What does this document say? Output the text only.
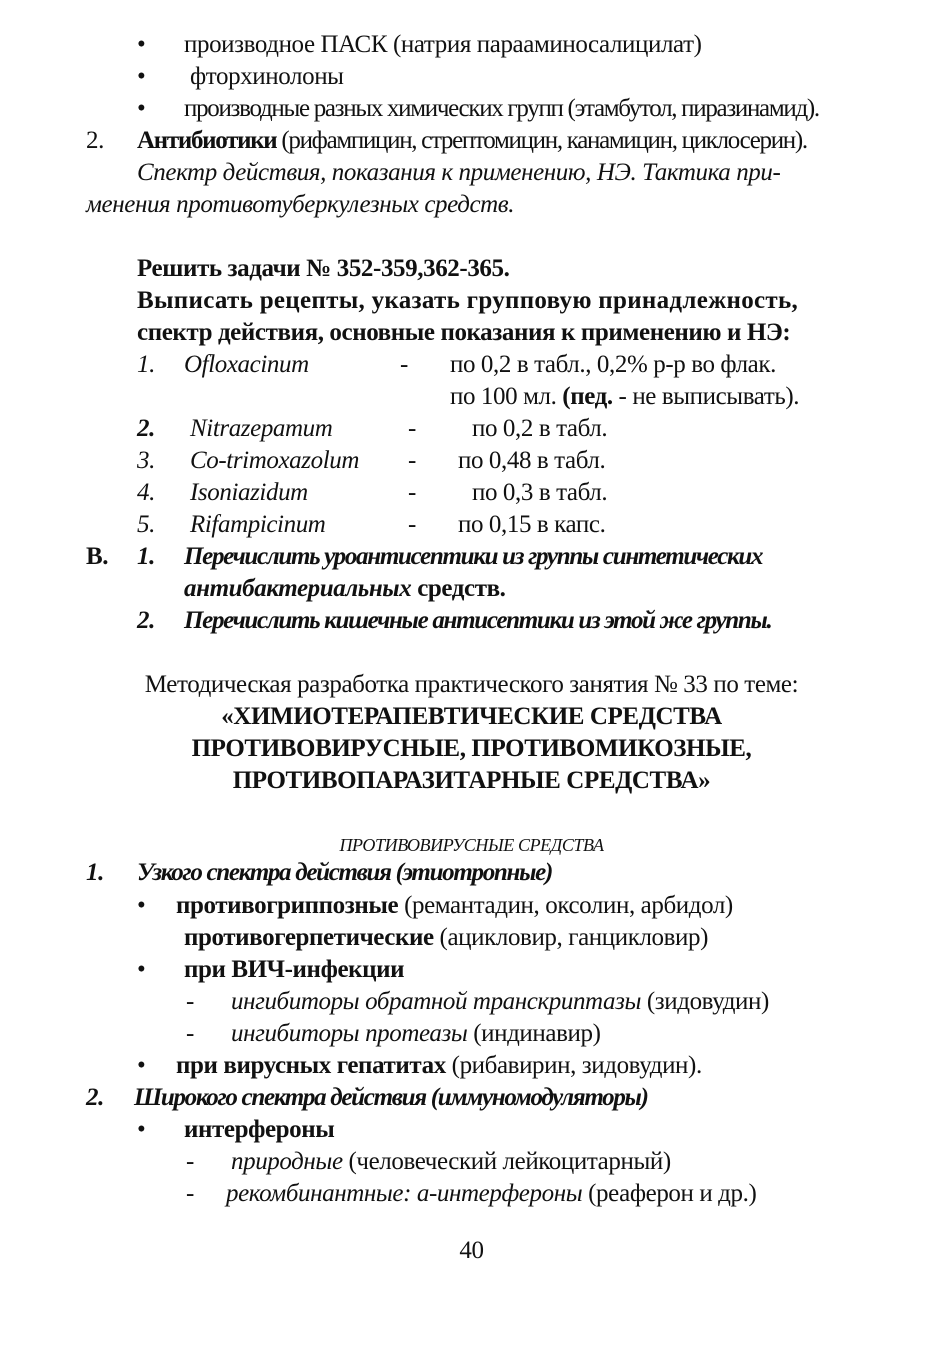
• производное ПАСК (натрия парааминосалицилат)
• фторхинолоны
• производные разных химических групп (этамбутол, пиразинамид).
2. Антибиотики (рифампицин, стрептомицин, канамицин, циклосерин).
Спектр действия, показания к применению, НЭ. Тактика при-
менения противотуберкулезных средств.
Решить задачи № 352-359,362-365.
Выписать рецепты, указать групповую принадлежность,
спектр действия, основные показания к применению и НЭ:
1. Ofloxacinum	- по 0,2 в табл., 0,2% р-р во флак.
по 100 мл. (пед. - не выписывать).
2. Nitrazepamum	- по 0,2 в табл.
3. Co-trimoxazolum - по 0,48 в табл.
4. Isoniazidum	- по 0,3 в табл.
5. Rifampicinum	- по 0,15 в капс.
В. 1. Перечислить уроантисептики из группы синтетических
антибактериальных средств.
2. Перечислить кишечные антисептики из этой же группы.
Методическая разработка практического занятия № 33 по теме:
«ХИМИОТЕРАПЕВТИЧЕСКИЕ СРЕДСТВА
ПРОТИВОВИРУСНЫЕ, ПРОТИВОМИКОЗНЫЕ,
ПРОТИВОПАРАЗИТАРНЫЕ СРЕДСТВА»
ПРОТИВОВИРУСНЫЕ СРЕДСТВА
1. Узкого спектра действия (этиотропные)
• противогриппозные (ремантадин, оксолин, арбидол)
противогерпетические (ацикловир, ганцикловир)
• при ВИЧ-инфекции
- ингибиторы обратной транскриптазы (зидовудин)
- ингибиторы протеазы (индинавир)
• при вирусных гепатитах (рибавирин, зидовудин).
2. Широкого спектра действия (иммуномодуляторы)
• интерфероны
- природные (человеческий лейкоцитарный)
- рекомбинантные: а-интерфероны (реаферон и др.)
40
